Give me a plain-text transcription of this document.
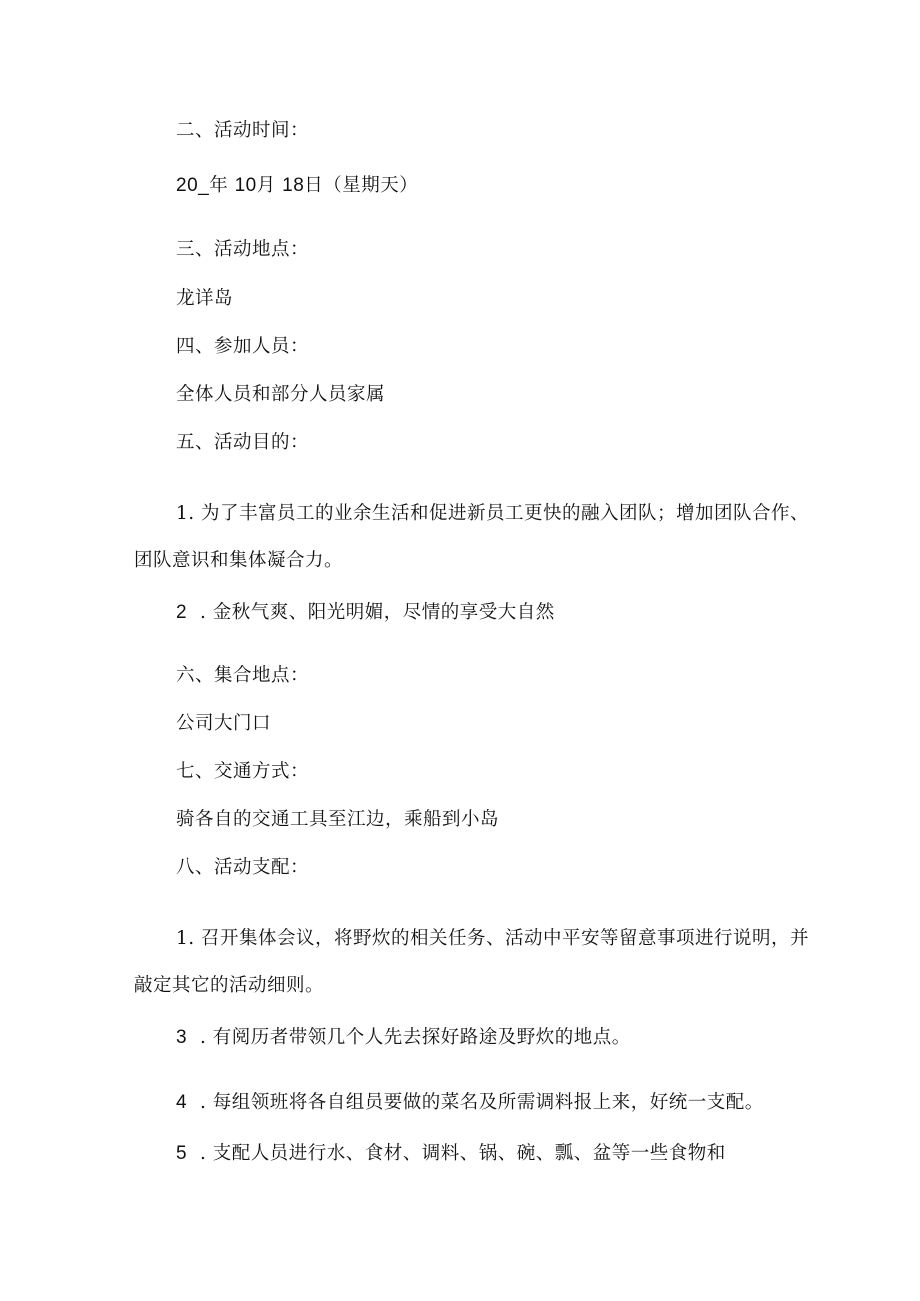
二、活动时间：
20_年 10月 18日（星期天）
三、活动地点：
龙详岛
四、参加人员：
全体人员和部分人员家属
五、活动目的：
1. 为了丰富员工的业余生活和促进新员工更快的融入团队；增加团队合作、
团队意识和集体凝合力。
2 . 金秋气爽、阳光明媚，尽情的享受大自然
六、集合地点：
公司大门口
七、交通方式：
骑各自的交通工具至江边，乘船到小岛
八、活动支配：
1. 召开集体会议，将野炊的相关任务、活动中平安等留意事项进行说明，并
敲定其它的活动细则。
3 . 有阅历者带领几个人先去探好路途及野炊的地点。
4 . 每组领班将各自组员要做的菜名及所需调料报上来，好统一支配。
5 . 支配人员进行水、食材、调料、锅、碗、瓢、盆等一些食物和
